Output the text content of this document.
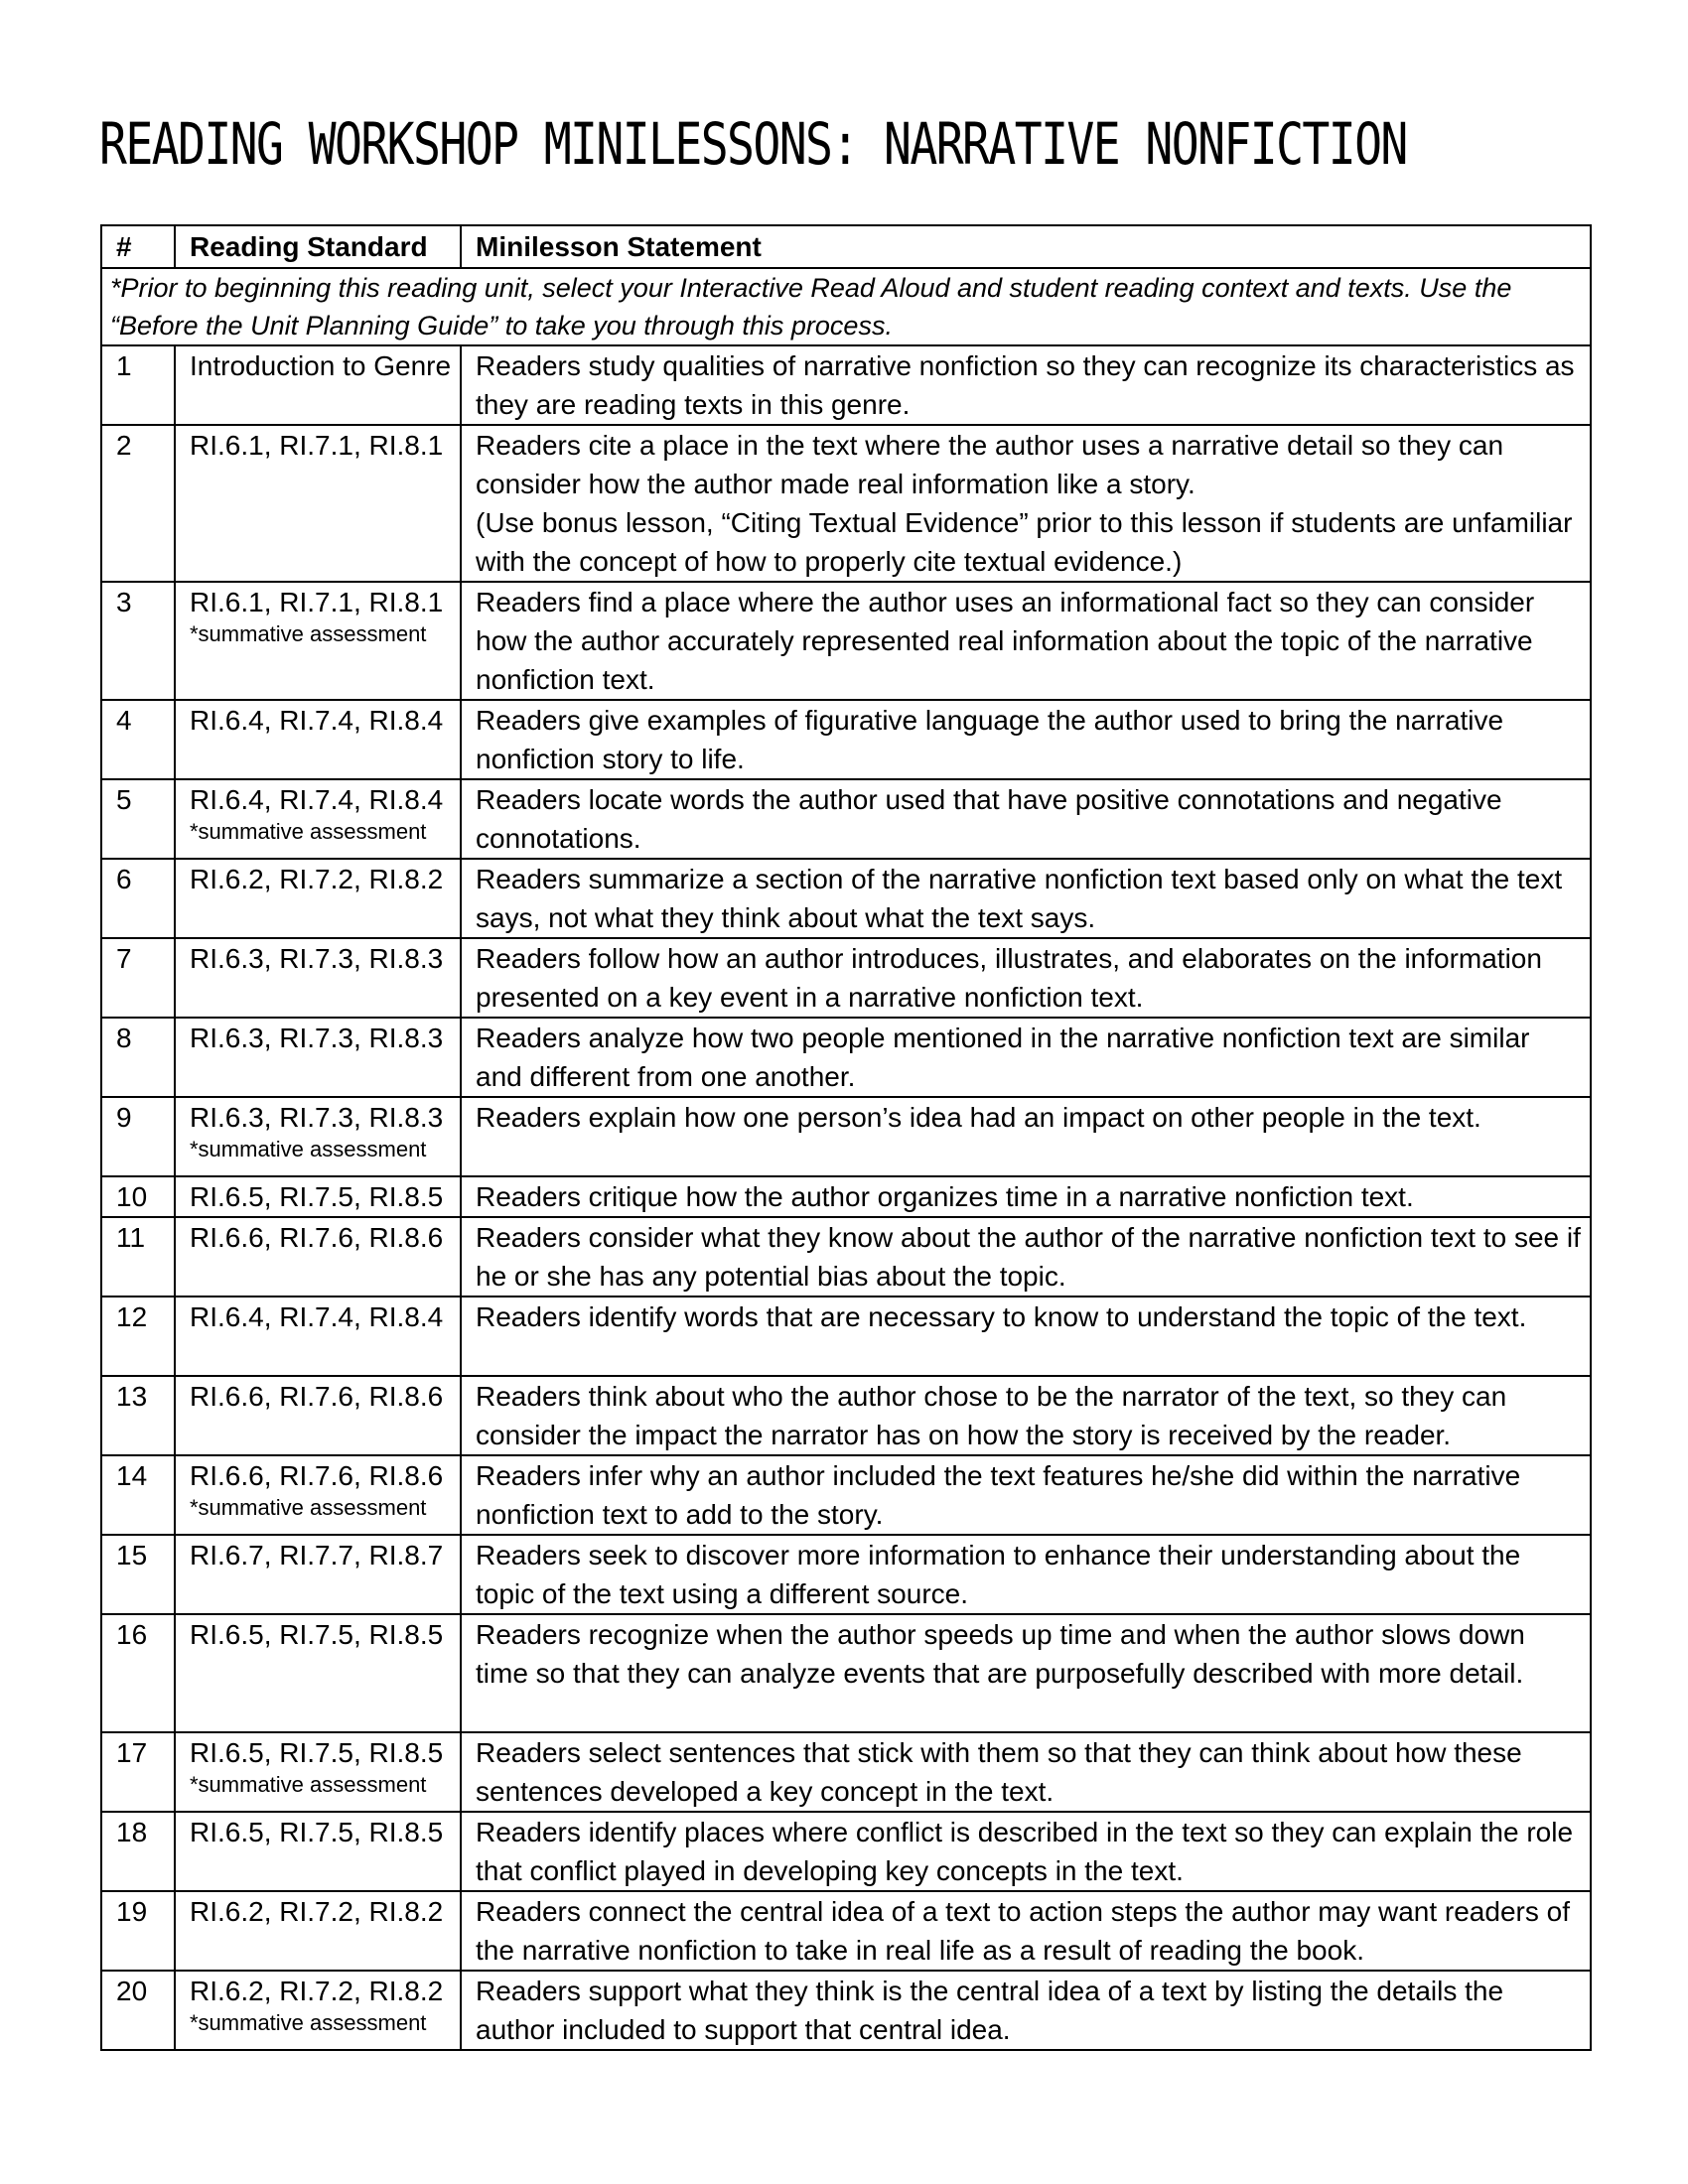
READING WORKSHOP MINILESSONS: NARRATIVE NONFICTION
#	Reading Standard	Minilesson Statement
*Prior to beginning this reading unit, select your Interactive Read Aloud and student reading context and texts. Use the “Before the Unit Planning Guide” to take you through this process.		
1	Introduction to Genre	Readers study qualities of narrative nonfiction so they can recognize its characteristics as they are reading texts in this genre.

2	RI.6.1, RI.7.1, RI.8.1	Readers cite a place in the text where the author uses a narrative detail so they can consider how the author made real information like a story.
(Use bonus lesson, “Citing Textual Evidence” prior to this lesson if students are unfamiliar with the concept of how to properly cite textual evidence.)

3	RI.6.1, RI.7.1, RI.8.1
*summative assessment	Readers find a place where the author uses an informational fact so they can consider how the author accurately represented real information about the topic of the narrative nonfiction text.

4	RI.6.4, RI.7.4, RI.8.4	Readers give examples of figurative language the author used to bring the narrative nonfiction story to life.

5	RI.6.4, RI.7.4, RI.8.4
*summative assessment	Readers locate words the author used that have positive connotations and negative connotations.

6	RI.6.2, RI.7.2, RI.8.2	Readers summarize a section of the narrative nonfiction text based only on what the text says, not what they think about what the text says.

7	RI.6.3, RI.7.3, RI.8.3	Readers follow how an author introduces, illustrates, and elaborates on the information presented on a key event in a narrative nonfiction text.

8	RI.6.3, RI.7.3, RI.8.3	Readers analyze how two people mentioned in the narrative nonfiction text are similar and different from one another.

9	RI.6.3, RI.7.3, RI.8.3
*summative assessment	Readers explain how one person’s idea had an impact on other people in the text.

10	RI.6.5, RI.7.5, RI.8.5	Readers critique how the author organizes time in a narrative nonfiction text.

11	RI.6.6, RI.7.6, RI.8.6	Readers consider what they know about the author of the narrative nonfiction text to see if he or she has any potential bias about the topic.

12	RI.6.4, RI.7.4, RI.8.4	Readers identify words that are necessary to know to understand the topic of the text.

13	RI.6.6, RI.7.6, RI.8.6	Readers think about who the author chose to be the narrator of the text, so they can consider the impact the narrator has on how the story is received by the reader.

14	RI.6.6, RI.7.6, RI.8.6
*summative assessment	Readers infer why an author included the text features he/she did within the narrative nonfiction text to add to the story.

15	RI.6.7, RI.7.7, RI.8.7	Readers seek to discover more information to enhance their understanding about the topic of the text using a different source.

16	RI.6.5, RI.7.5, RI.8.5	Readers recognize when the author speeds up time and when the author slows down time so that they can analyze events that are purposefully described with more detail.

17	RI.6.5, RI.7.5, RI.8.5
*summative assessment	Readers select sentences that stick with them so that they can think about how these sentences developed a key concept in the text.

18	RI.6.5, RI.7.5, RI.8.5	Readers identify places where conflict is described in the text so they can explain the role that conflict played in developing key concepts in the text.

19	RI.6.2, RI.7.2, RI.8.2	Readers connect the central idea of a text to action steps the author may want readers of the narrative nonfiction to take in real life as a result of reading the book.

20	RI.6.2, RI.7.2, RI.8.2
*summative assessment	Readers support what they think is the central idea of a text by listing the details the author included to support that central idea.
